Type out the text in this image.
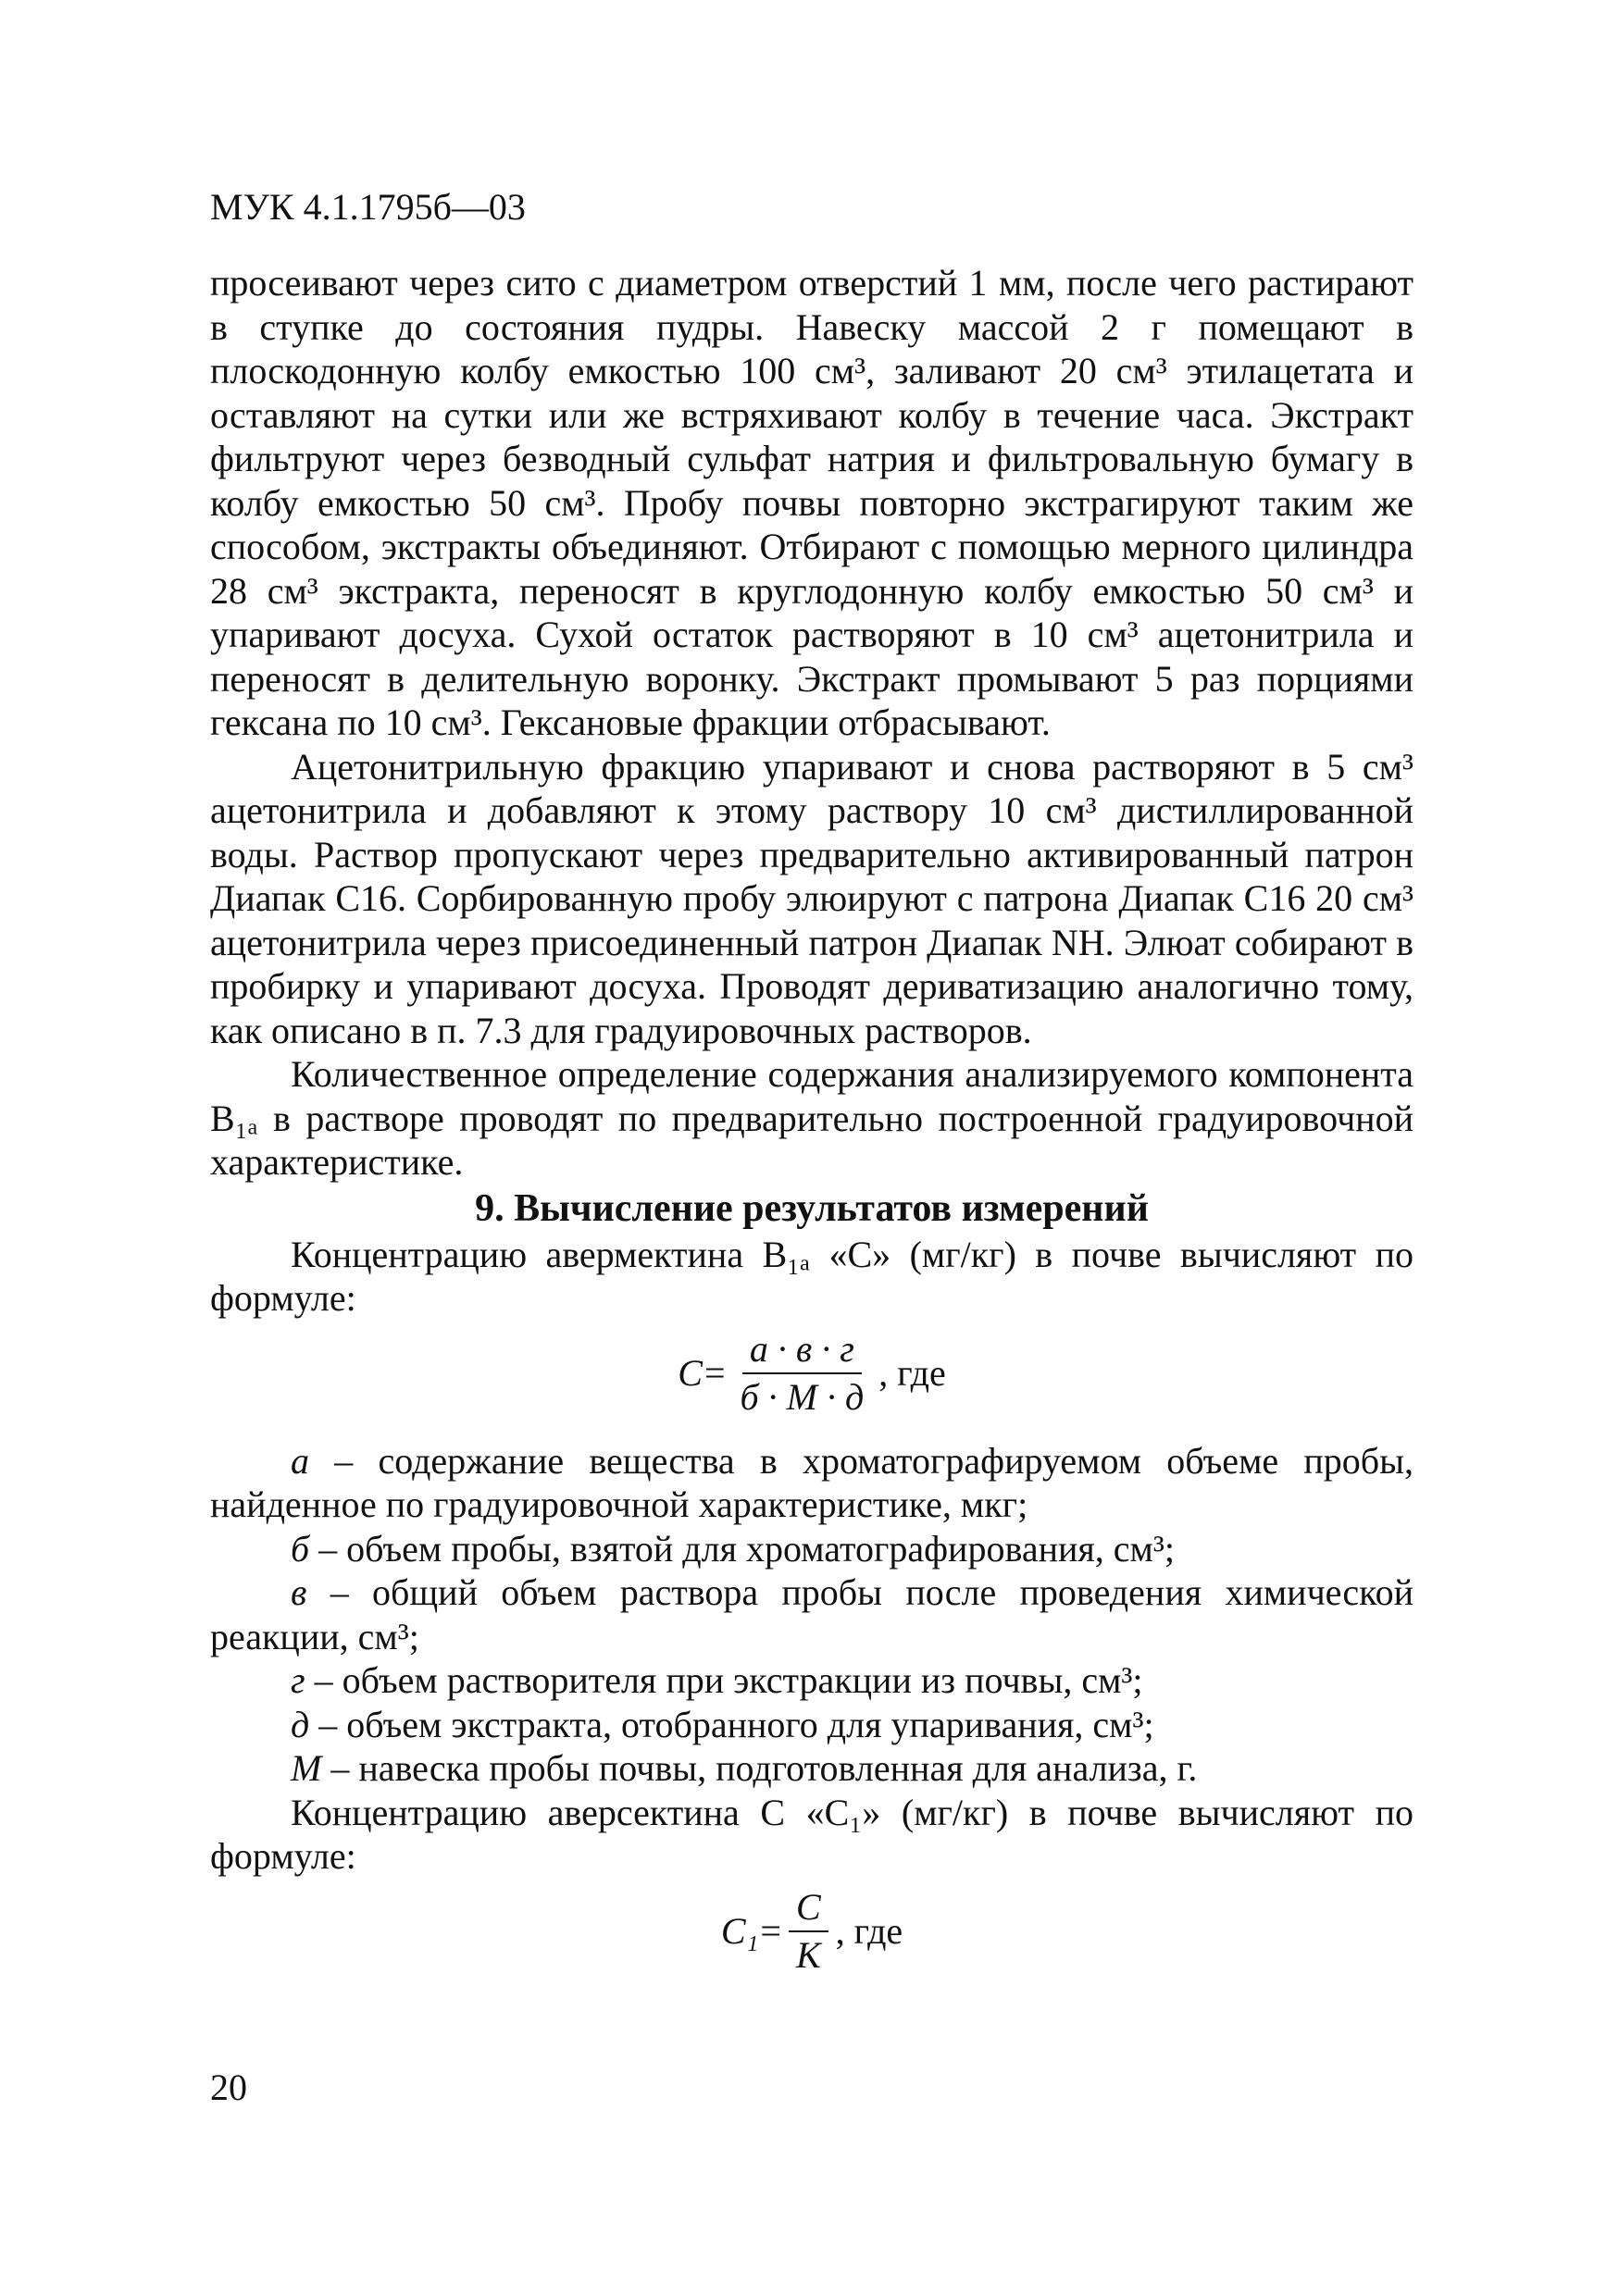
МУК 4.1.1795б—03

просеивают через сито с диаметром отверстий 1 мм, после чего растирают в ступке до состояния пудры. Навеску массой 2 г помещают в плоскодонную колбу емкостью 100 см³, заливают 20 см³ этилацетата и оставляют на сутки или же встряхивают колбу в течение часа. Экстракт фильтруют через безводный сульфат натрия и фильтровальную бумагу в колбу емкостью 50 см³. Пробу почвы повторно экстрагируют таким же способом, экстракты объединяют. Отбирают с помощью мерного цилиндра 28 см³ экстракта, переносят в круглодонную колбу емкостью 50 см³ и упаривают досуха. Сухой остаток растворяют в 10 см³ ацетонитрила и переносят в делительную воронку. Экстракт промывают 5 раз порциями гексана по 10 см³. Гексановые фракции отбрасывают.

Ацетонитрильную фракцию упаривают и снова растворяют в 5 см³ ацетонитрила и добавляют к этому раствору 10 см³ дистиллированной воды. Раствор пропускают через предварительно активированный патрон Диапак С16. Сорбированную пробу элюируют с патрона Диапак С16 20 см³ ацетонитрила через присоединенный патрон Диапак NH. Элюат собирают в пробирку и упаривают досуха. Проводят дериватизацию аналогично тому, как описано в п. 7.3 для градуировочных растворов.

Количественное определение содержания анализируемого компонента B₁ₐ в растворе проводят по предварительно построенной градуировочной характеристике.

9. Вычисление результатов измерений

Концентрацию авермектина B₁ₐ «С» (мг/кг) в почве вычисляют по формуле:

$C = \frac{а \cdot в \cdot г}{б \cdot М \cdot д}$ , где

а – содержание вещества в хроматографируемом объеме пробы, найденное по градуировочной характеристике, мкг;

б – объем пробы, взятой для хроматографирования, см³;

в – общий объем раствора пробы после проведения химической реакции, см³;

г – объем растворителя при экстракции из почвы, см³;

д – объем экстракта, отобранного для упаривания, см³;

М – навеска пробы почвы, подготовленная для анализа, г.

Концентрацию аверсектина С «C₁» (мг/кг) в почве вычисляют по формуле:

$C_1 = \frac{C}{K}$ , где
20
